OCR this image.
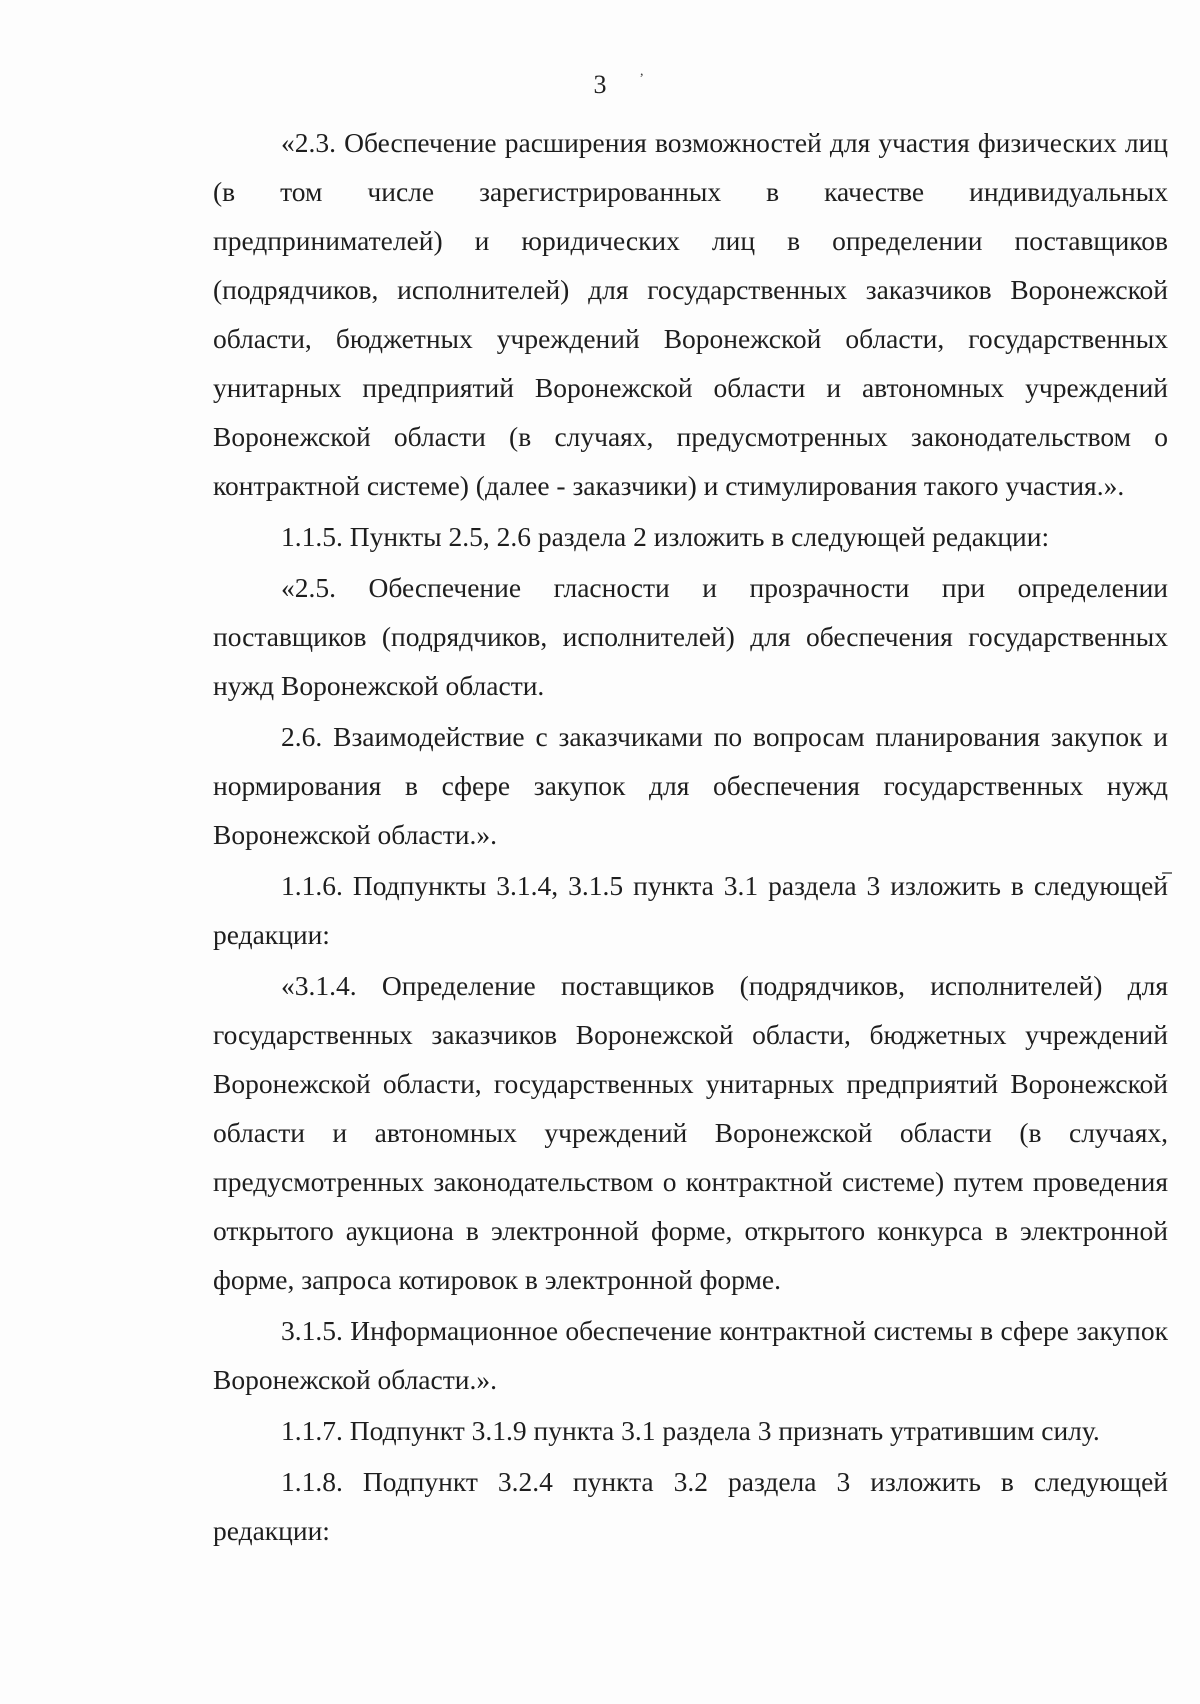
,
3

«2.3. Обеспечение расширения возможностей для участия физических лиц (в том числе зарегистрированных в качестве индивидуальных предпринимателей) и юридических лиц в определении поставщиков (подрядчиков, исполнителей) для государственных заказчиков Воронежской области, бюджетных учреждений Воронежской области, государственных унитарных предприятий Воронежской области и автономных учреждений Воронежской области (в случаях, предусмотренных законодательством о контрактной системе) (далее - заказчики) и стимулирования такого участия.».

1.1.5. Пункты 2.5, 2.6 раздела 2 изложить в следующей редакции:

«2.5. Обеспечение гласности и прозрачности при определении поставщиков (подрядчиков, исполнителей) для обеспечения государственных нужд Воронежской области.

2.6. Взаимодействие с заказчиками по вопросам планирования закупок и нормирования в сфере закупок для обеспечения государственных нужд Воронежской области.».

1.1.6. Подпункты 3.1.4, 3.1.5 пункта 3.1 раздела 3 изложить в следующей редакции:

«3.1.4. Определение поставщиков (подрядчиков, исполнителей) для государственных заказчиков Воронежской области, бюджетных учреждений Воронежской области, государственных унитарных предприятий Воронежской области и автономных учреждений Воронежской области (в случаях, предусмотренных законодательством о контрактной системе) путем проведения открытого аукциона в электронной форме, открытого конкурса в электронной форме, запроса котировок в электронной форме.

3.1.5. Информационное обеспечение контрактной системы в сфере закупок Воронежской области.».

1.1.7. Подпункт 3.1.9 пункта 3.1 раздела 3 признать утратившим силу.

1.1.8. Подпункт 3.2.4 пункта 3.2 раздела 3 изложить в следующей редакции:
